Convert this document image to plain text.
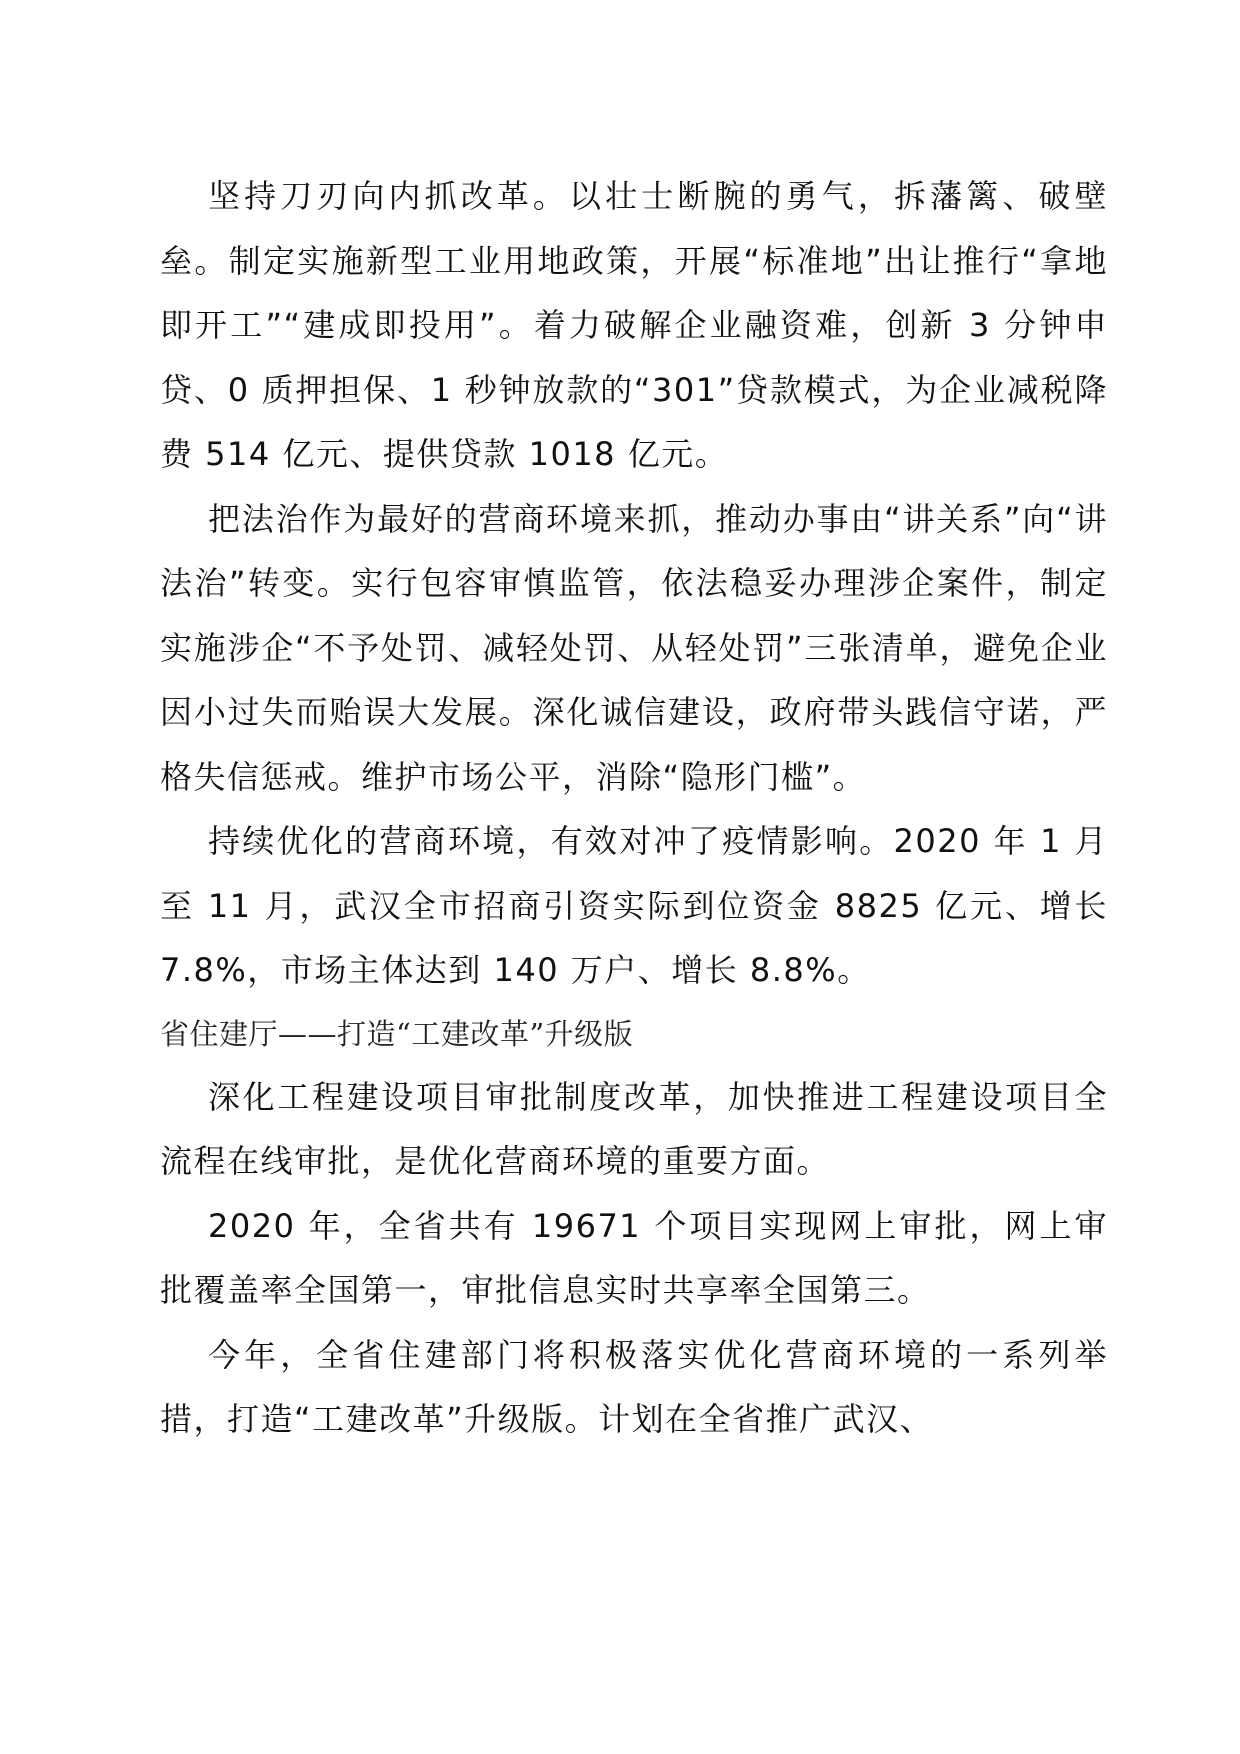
坚持刀刃向内抓改革。以壮士断腕的勇气，拆藩篱、破壁垒。制定实施新型工业用地政策，开展“标准地”出让推行“拿地即开工”“建成即投用”。着力破解企业融资难，创新 3 分钟申贷、0 质押担保、1 秒钟放款的“301”贷款模式，为企业减税降费 514 亿元、提供贷款 1018 亿元。

把法治作为最好的营商环境来抓，推动办事由“讲关系”向“讲法治”转变。实行包容审慎监管，依法稳妥办理涉企案件，制定实施涉企“不予处罚、减轻处罚、从轻处罚”三张清单，避免企业因小过失而贻误大发展。深化诚信建设，政府带头践信守诺，严格失信惩戒。维护市场公平，消除“隐形门槛”。

持续优化的营商环境，有效对冲了疫情影响。2020 年 1 月至 11 月，武汉全市招商引资实际到位资金 8825 亿元、增长 7.8%，市场主体达到 140 万户、增长 8.8%。

省住建厅——打造“工建改革”升级版

深化工程建设项目审批制度改革，加快推进工程建设项目全流程在线审批，是优化营商环境的重要方面。

2020 年，全省共有 19671 个项目实现网上审批，网上审批覆盖率全国第一，审批信息实时共享率全国第三。

今年，全省住建部门将积极落实优化营商环境的一系列举措，打造“工建改革”升级版。计划在全省推广武汉、
